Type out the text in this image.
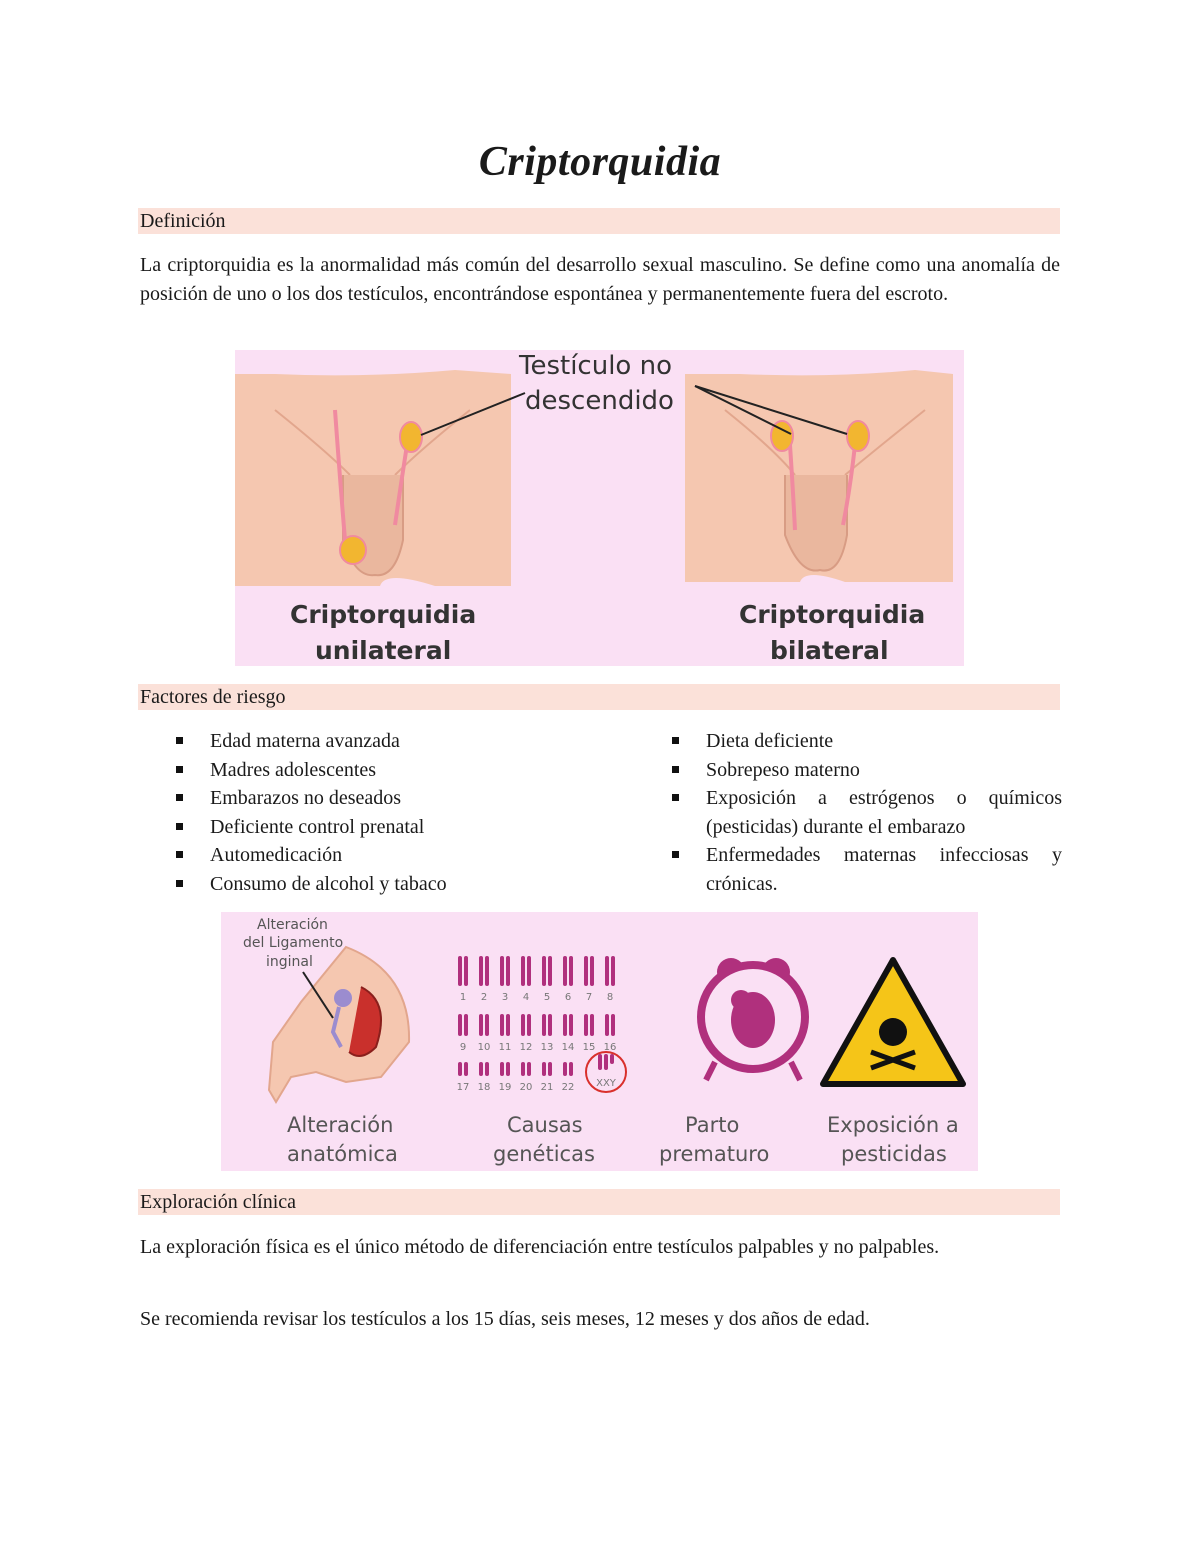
Criptorquidia
Definición

La criptorquidia es la anormalidad más común del desarrollo sexual masculino. Se define como una anomalía de posición de uno o los dos testículos, encontrándose espontánea y permanentemente fuera del escroto.

Testículo no
descendido
Criptorquidia
unilateral
Criptorquidia
bilateral
Factores de riesgo
Edad materna avanzada
Madres adolescentes
Embarazos no deseados
Deficiente control prenatal
Automedicación
Consumo de alcohol y tabaco
Dieta deficiente
Sobrepeso materno
Exposición a estrógenos o químicos (pesticidas) durante el embarazo
Enfermedades maternas infecciosas y crónicas.
Alteración
del Ligamento
inginal
1 2 3 4 5 6 7 8
9 10 11 12 13 14 15 16
17 18 19 20 21 22 XXY
Alteración
anatómica
Causas
genéticas
Parto
prematuro
Exposición a
pesticidas
Exploración clínica

La exploración física es el único método de diferenciación entre testículos palpables y no palpables.

Se recomienda revisar los testículos a los 15 días, seis meses, 12 meses y dos años de edad.
